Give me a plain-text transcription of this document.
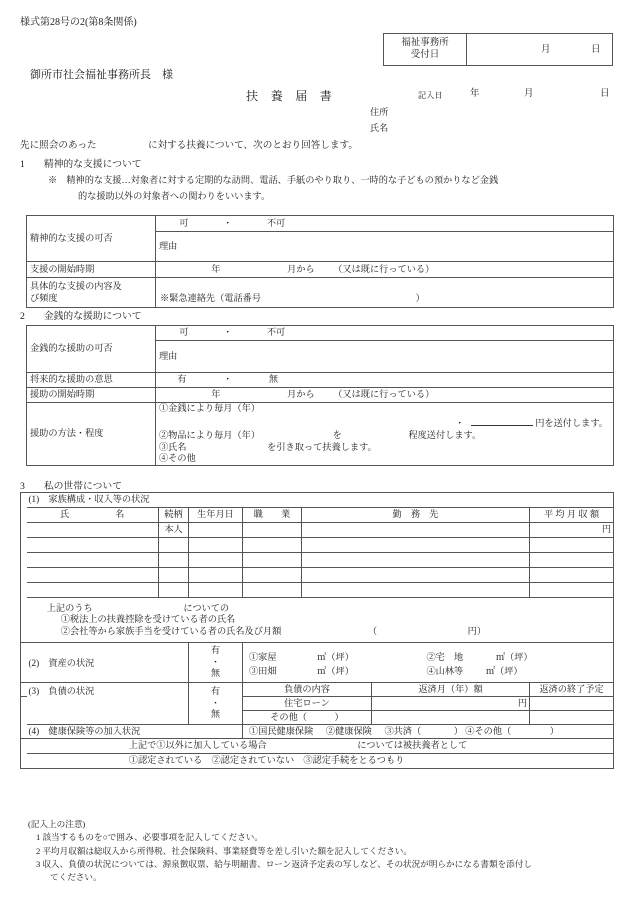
様式第28号の2(第8条関係)
福祉事務所
受付日	月	日
御所市社会福祉事務所長　様
扶養届書	記入日	年	月	日
住所
氏名
先に照会のあった	に対する扶養について、次のとおり回答します。
1 精神的な支援について
※　精神的な支援…対象者に対する定期的な訪問、電話、手紙のやり取り、一時的な子どもの預かりなど金銭
的な援助以外の対象者への関わりをいいます。
精神的な支援の可否	可 ・ 不可
	理由
支援の開始時期	年 月から （又は既に行っている）
具体的な支援の内容及
び頻度	※緊急連絡先（電話番号 ）
2 金銭的な援助について
金銭的な援助の可否	可 ・ 不可
	理由
将来的な援助の意思	有 ・ 無
援助の開始時期	年 月から （又は既に行っている）
援助の方法・程度	①金銭により毎月（年）
・ 円を送付します。
②物品により毎月（年） を 程度送付します。
③氏名 を引き取って扶養します。
④その他
3 私の世帯について
	(1)　家族構成・収入等の状況						
	氏　　　　　名	続柄	生年月日	職　　業	勤　務　先		平 均 月 収 額
		本人					円

	上記のうち についての
①税法上の扶養控除を受けている者の氏名
②会社等から家族手当を受けている者の氏名及び月額 （ 円）						

	(2)　資産の状況	
有
・
無

①家屋	㎡（坪）	②宅　地	㎡（坪）
③田畑	㎡（坪）	④山林等 ㎡（坪）

	(3)　負債の状況		有
・
無	負債の内容		返済月（年）額	返済の終了予定
				住宅ローン		円	
				その他（　　　）			
	(4)　健康保険等の加入状況			①国民健康保険 ②健康保険 ③共済（ ） ④その他（ ）			
	上記で①以外に加入している場合 については被扶養者として						
	①認定されている　②認定されていない　③認定手続をとるつもり						
(記入上の注意)
1 該当するものを○で囲み、必要事項を記入してください。
2 平均月収額は総収入から所得税、社会保険料、事業経費等を差し引いた額を記入してください。
3 収入、負債の状況については、源泉徴収票、給与明細書、ローン返済予定表の写しなど、その状況が明らかになる書類を添付し
てください。
